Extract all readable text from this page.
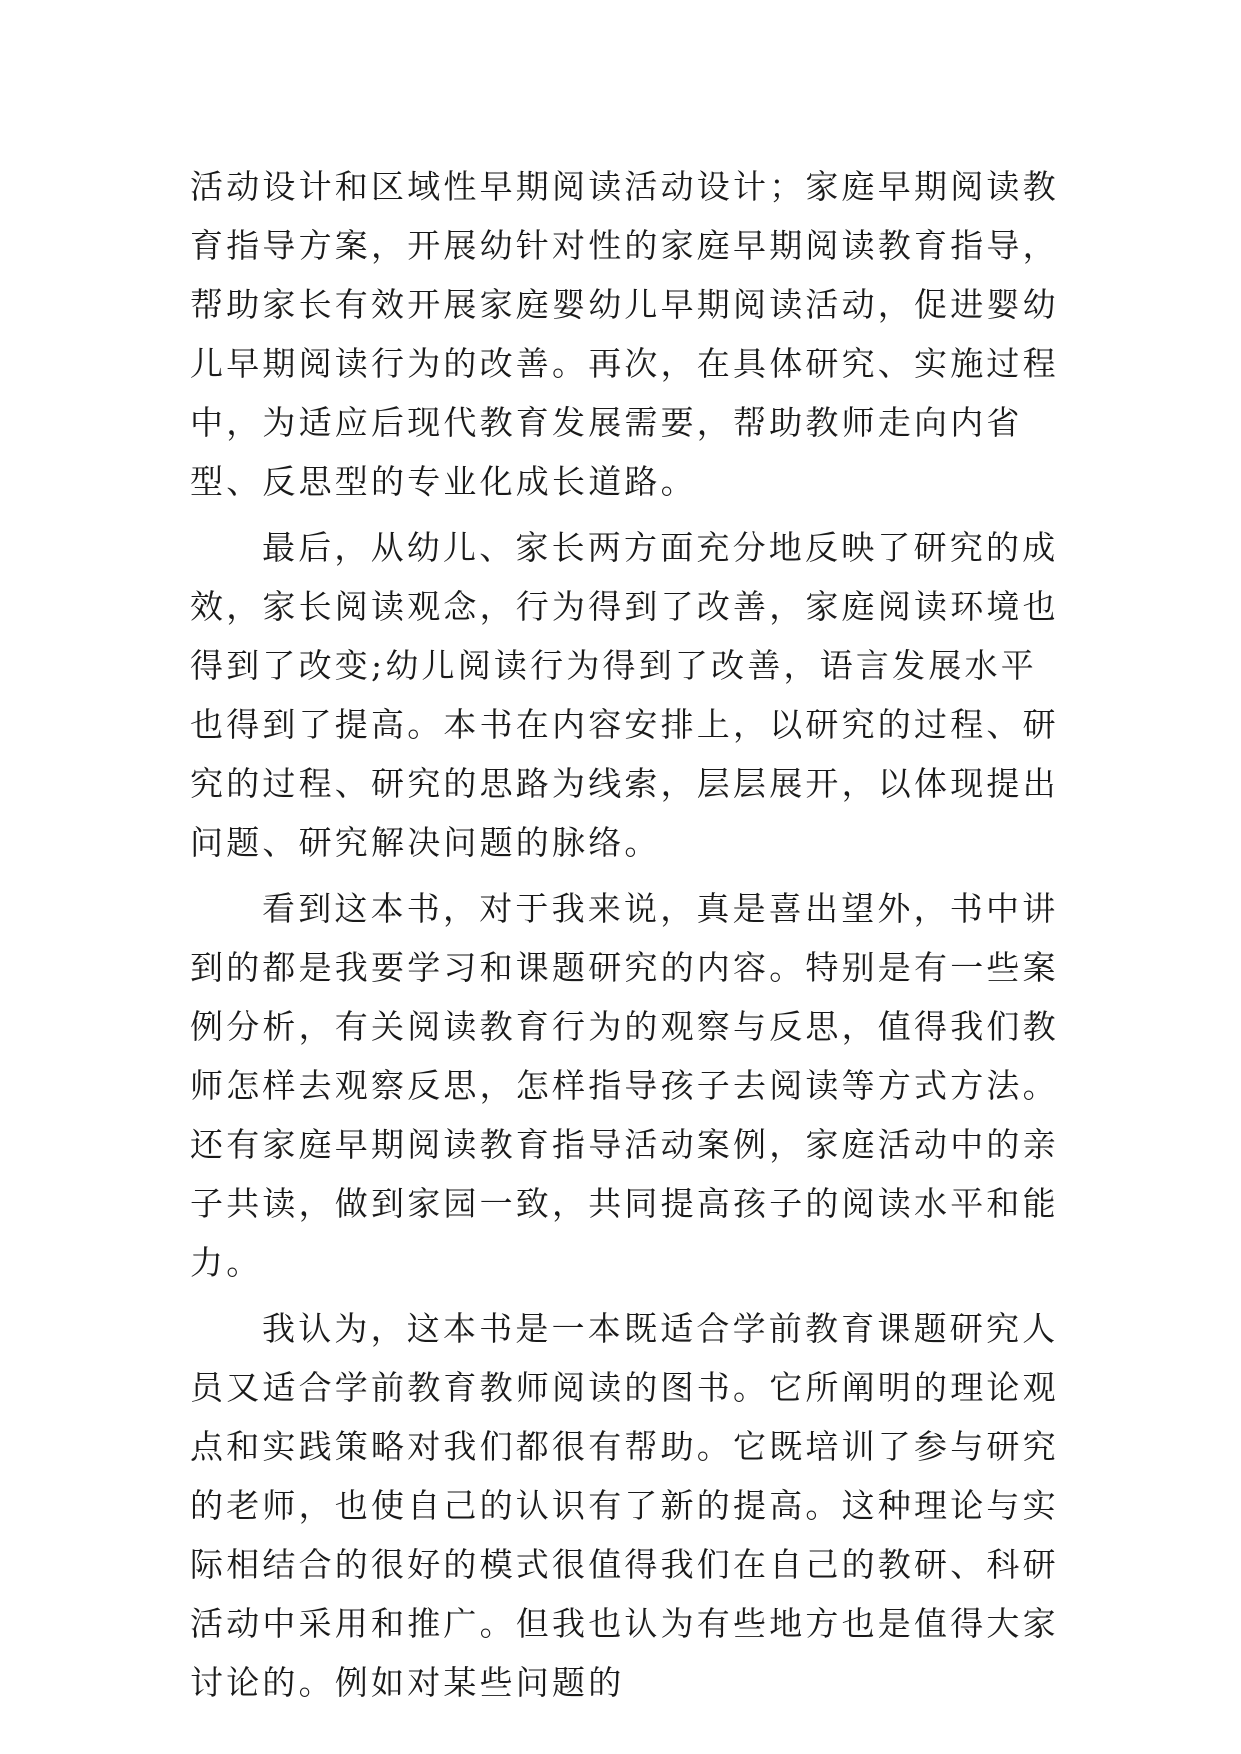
活动设计和区域性早期阅读活动设计；家庭早期阅读教育指导方案，开展幼针对性的家庭早期阅读教育指导，帮助家长有效开展家庭婴幼儿早期阅读活动，促进婴幼儿早期阅读行为的改善。再次，在具体研究、实施过程中，为适应后现代教育发展需要，帮助教师走向内省型、反思型的专业化成长道路。

最后，从幼儿、家长两方面充分地反映了研究的成效，家长阅读观念，行为得到了改善，家庭阅读环境也得到了改变;幼儿阅读行为得到了改善，语言发展水平也得到了提高。本书在内容安排上，以研究的过程、研究的过程、研究的思路为线索，层层展开，以体现提出问题、研究解决问题的脉络。

看到这本书，对于我来说，真是喜出望外，书中讲到的都是我要学习和课题研究的内容。特别是有一些案例分析，有关阅读教育行为的观察与反思，值得我们教师怎样去观察反思，怎样指导孩子去阅读等方式方法。还有家庭早期阅读教育指导活动案例，家庭活动中的亲子共读，做到家园一致，共同提高孩子的阅读水平和能力。

我认为，这本书是一本既适合学前教育课题研究人员又适合学前教育教师阅读的图书。它所阐明的理论观点和实践策略对我们都很有帮助。它既培训了参与研究的老师，也使自己的认识有了新的提高。这种理论与实际相结合的很好的模式很值得我们在自己的教研、科研活动中采用和推广。但我也认为有些地方也是值得大家讨论的。例如对某些问题的
